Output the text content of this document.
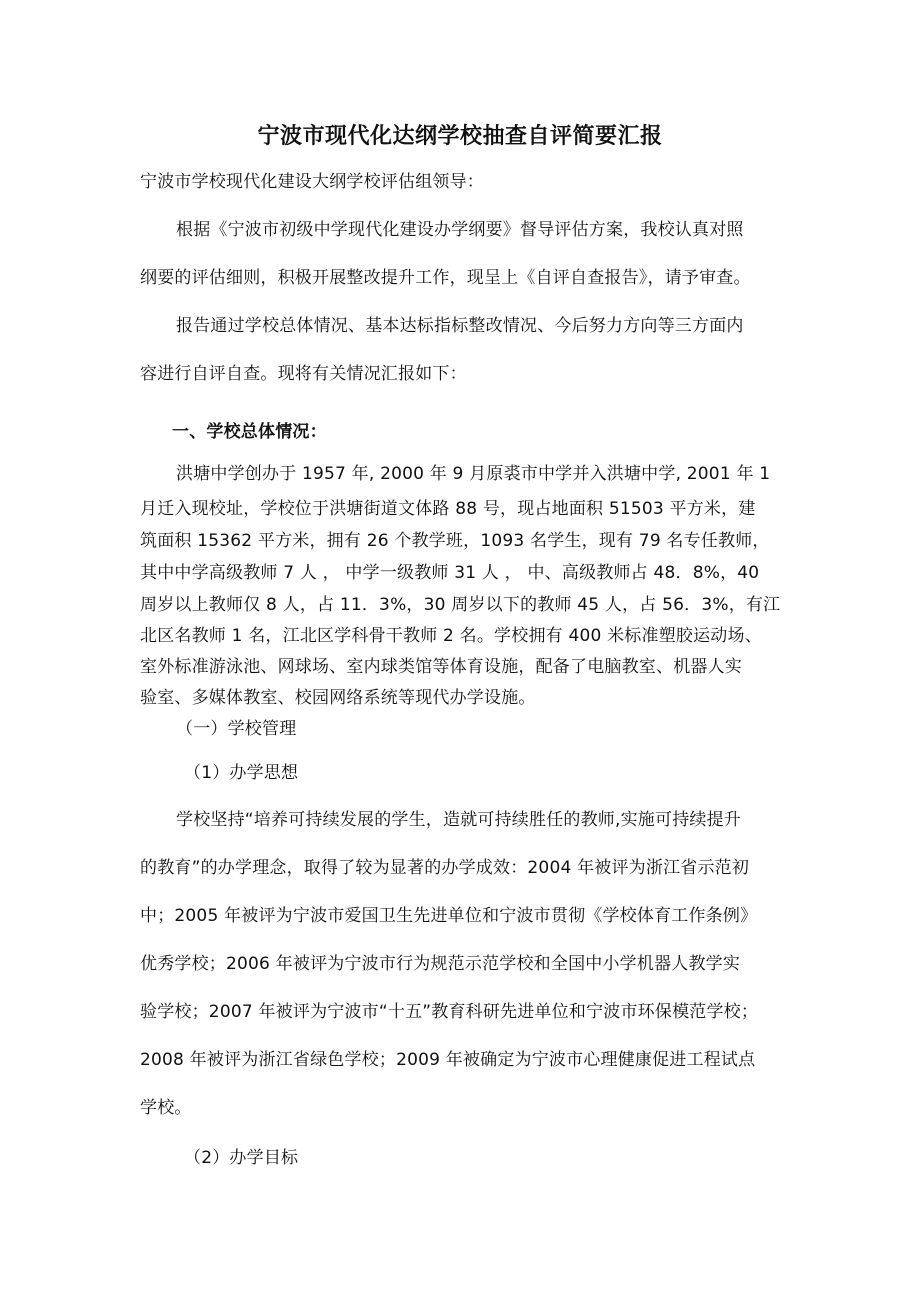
宁波市现代化达纲学校抽查自评简要汇报
宁波市学校现代化建设大纲学校评估组领导：
根据《宁波市初级中学现代化建设办学纲要》督导评估方案，我校认真对照
纲要的评估细则，积极开展整改提升工作，现呈上《自评自查报告》，请予审查。
报告通过学校总体情况、基本达标指标整改情况、今后努力方向等三方面内
容进行自评自查。现将有关情况汇报如下：
一、学校总体情况：
洪塘中学创办于 1957 年, 2000 年 9 月原裘市中学并入洪塘中学, 2001 年 1
月迁入现校址，学校位于洪塘街道文体路 88 号，现占地面积 51503 平方米，建
筑面积 15362 平方米，拥有 26 个教学班，1093 名学生，现有 79 名专任教师，
其中中学高级教师 7 人 ， 中学一级教师 31 人 ， 中、高级教师占 48．8%，40
周岁以上教师仅 8 人，占 11．3%，30 周岁以下的教师 45 人，占 56．3%，有江
北区名教师 1 名，江北区学科骨干教师 2 名。学校拥有 400 米标准塑胶运动场、
室外标准游泳池、网球场、室内球类馆等体育设施，配备了电脑教室、机器人实
验室、多媒体教室、校园网络系统等现代办学设施。
（一）学校管理
（1）办学思想
学校坚持“培养可持续发展的学生，造就可持续胜任的教师,实施可持续提升
的教育”的办学理念，取得了较为显著的办学成效：2004 年被评为浙江省示范初
中；2005 年被评为宁波市爱国卫生先进单位和宁波市贯彻《学校体育工作条例》
优秀学校；2006 年被评为宁波市行为规范示范学校和全国中小学机器人教学实
验学校；2007 年被评为宁波市“十五”教育科研先进单位和宁波市环保模范学校；
2008 年被评为浙江省绿色学校；2009 年被确定为宁波市心理健康促进工程试点
学校。
（2）办学目标
